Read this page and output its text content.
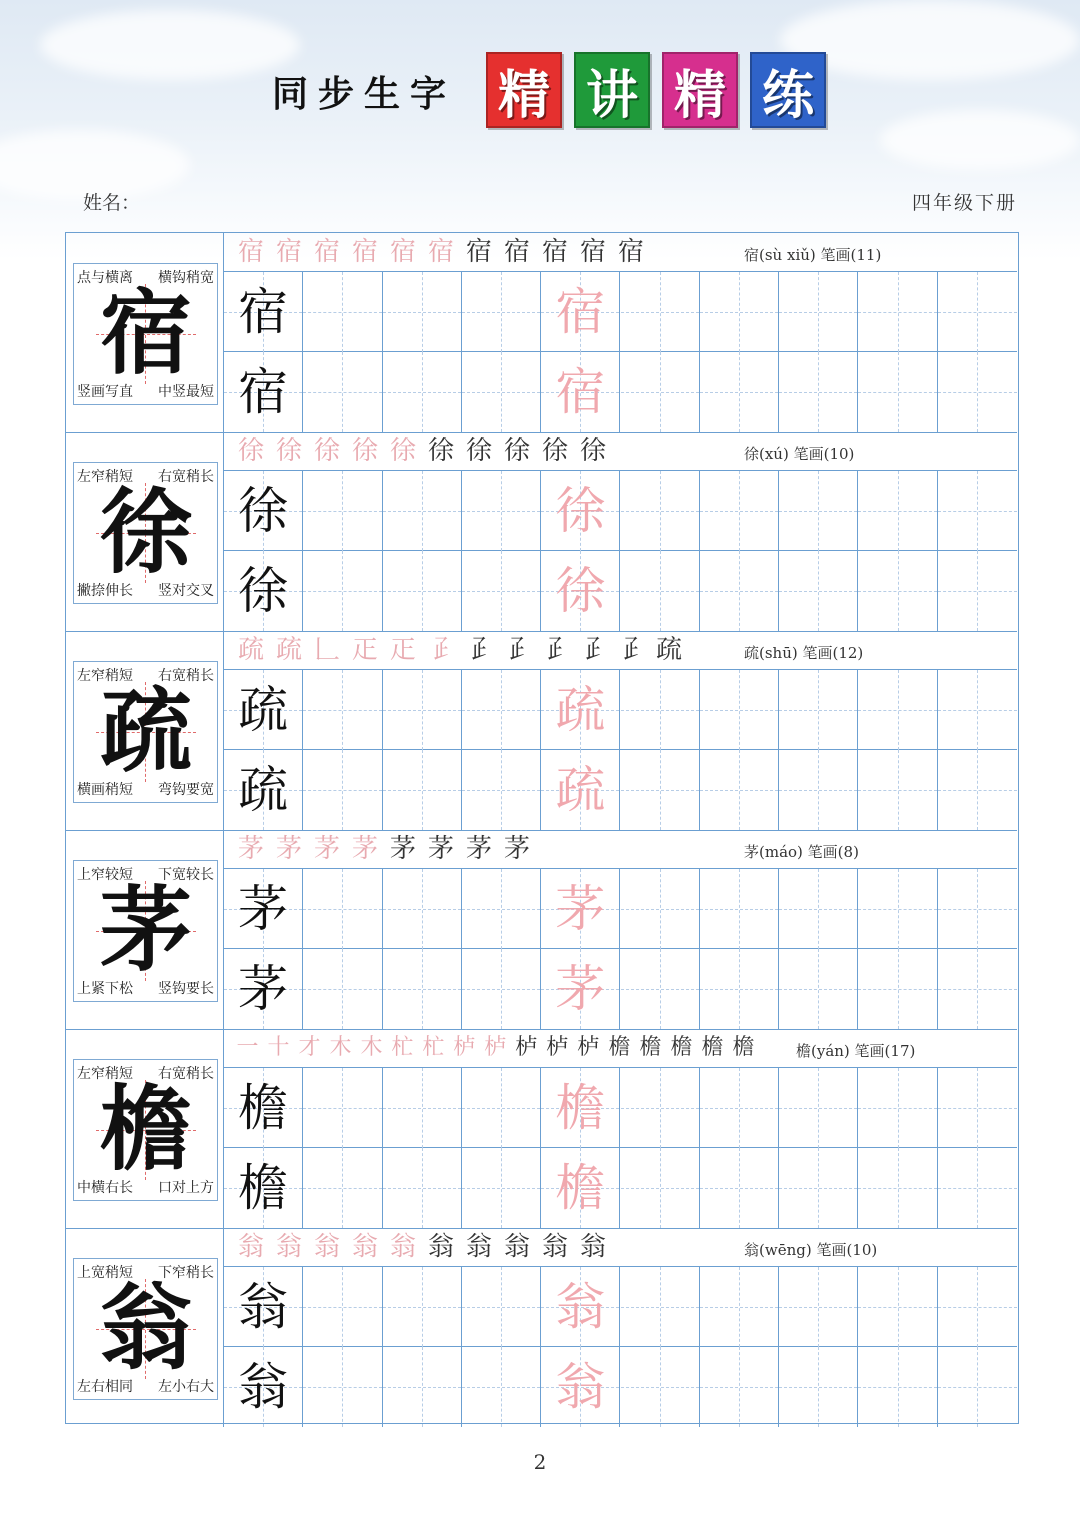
同步生字 精 讲 精 练
姓名：	四年级下册
点与横离 横钩稍宽
竖画写直 中竖最短
宿
宿 宿 宿 宿 宿 宿 宿 宿 宿 宿 宿	宿(sù xiǔ) 笔画(11)
宿	宿
宿	宿
左窄稍短 右宽稍长
撇捺伸长 竖对交叉
徐
徐 徐 徐 徐 徐 徐 徐 徐 徐 徐	徐(xú) 笔画(10)
徐	徐
徐	徐
左窄稍短 右宽稍长
横画稍短 弯钩要宽
疏
疏 疏 𠃊 𤴓 𤴓 𤴔 𤴔 𤴔 𤴔 𤴔 𤴔 疏	疏(shū) 笔画(12)
疏	疏
疏	疏
上窄较短 下宽较长
上紧下松 竖钩要长
茅
茅 茅 茅 茅 茅 茅 茅 茅	茅(máo) 笔画(8)
茅	茅
茅	茅
左窄稍短 右宽稍长
中横右长 口对上方
檐
一 十 才 木 木 杧 杧 栌 栌 栌 栌 栌 檐 檐 檐 檐 檐	檐(yán) 笔画(17)
檐	檐
檐	檐
上宽稍短 下窄稍长
左右相同 左小右大
翁
翁 翁 翁 翁 翁 翁 翁 翁 翁 翁	翁(wēng) 笔画(10)
翁	翁
翁	翁
2
